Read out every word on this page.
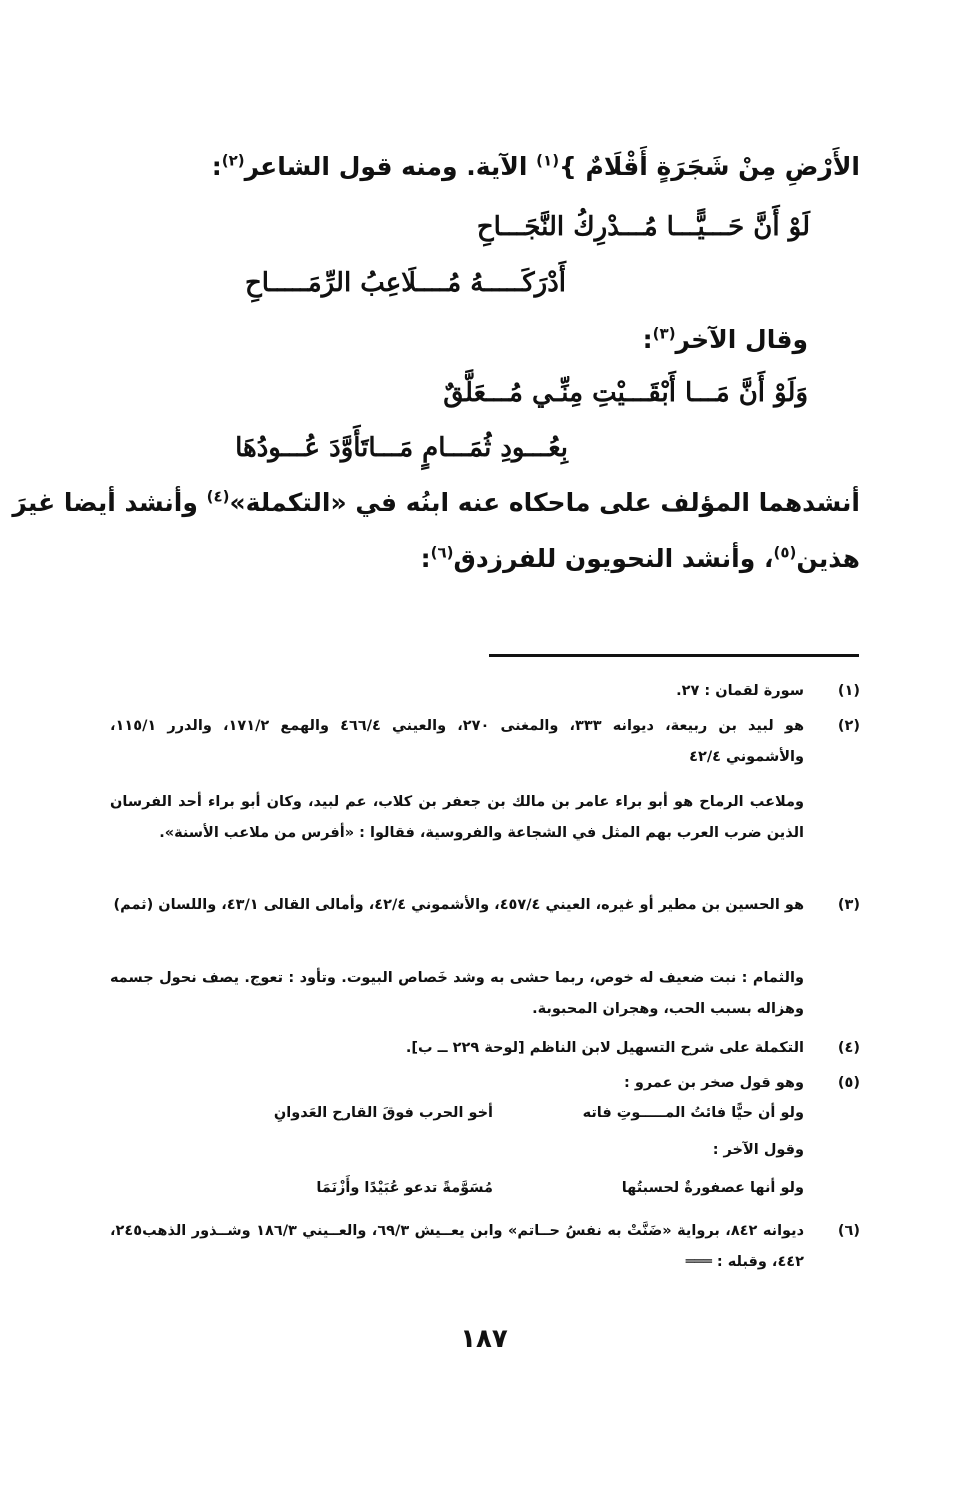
الأَرْضِ مِنْ شَجَرَةٍ أَقْلَامٌ }$^{(١)}$ الآية. ومنه قول الشاعر$^{(٢)}$:
لَوْ أَنَّ حَـــيًّـــا مُـــدْرِكُ النَّجَـــاحِ
أَدْرَكَـــــهُ مُــــلَاعِبُ الرِّمَـــــاحِ
وقال الآخر$^{(٣)}$:
وَلَوْ أَنَّ مَـــا أَبْقَـــيْتِ مِنِّـي مُـــعَلَّقٌ
بِعُـــودِ ثُمَـــامٍ مَـــاتَأَوَّدَ عُـــودُهَا
أنشدهما المؤلف على ماحكاه عنه ابنُه في «التكملة»$^{(٤)}$ وأنشد أيضا غيرَ
هذين$^{(٥)}$، وأنشد النحويون للفرزدق$^{(٦)}$:
(١)
سورة لقمان : ٢٧.
(٢)
هو لبيد بن ربيعة، ديوانه ٣٣٣، والمغنى ٢٧٠، والعيني ٤٦٦/٤ والهمع ١٧١/٢، والدرر ١١٥/١، والأشموني ٤٢/٤
وملاعب الرماح هو أبو براء عامر بن مالك بن جعفر بن كلاب، عم لبيد، وكان أبو براء أحد الفرسان الذين ضرب العرب بهم المثل في الشجاعة والفروسية، فقالوا : «أفرس من ملاعب الأسنة».
(٣)
هو الحسين بن مطير أو غيره، العيني ٤٥٧/٤، والأشموني ٤٢/٤، وأمالى القالى ٤٣/١، واللسان (ثمم)
والثمام : نبت ضعيف له خوص، ربما حشى به وشد خَصاص البيوت. وتأود : تعوج. يصف نحول جسمه وهزاله بسبب الحب، وهجران المحبوبة.
(٤)
التكملة على شرح التسهيل لابن الناظم [لوحة ٢٢٩ ــ ب].
(٥)
وهو قول صخر بن عمرو :
ولو أن حيًّا فائتُ المـــــوتِ فاته
أخو الحرب فوقَ القارح العَدوانِ
وقول الآخر :
ولو أنها عصفورةٌ لحسبتُها
مُسَوَّمةً تدعو عُبَيْدًا وأَزْنَمَا
(٦)
ديوانه ٨٤٢، برواية «ضَنَّتْ به نفسُ حــاتم» وابن يعــيش ٦٩/٣، والعــيني ١٨٦/٣ وشــذور الذهب٢٤٥، ٤٤٢، وقبله : ═══
١٨٧
